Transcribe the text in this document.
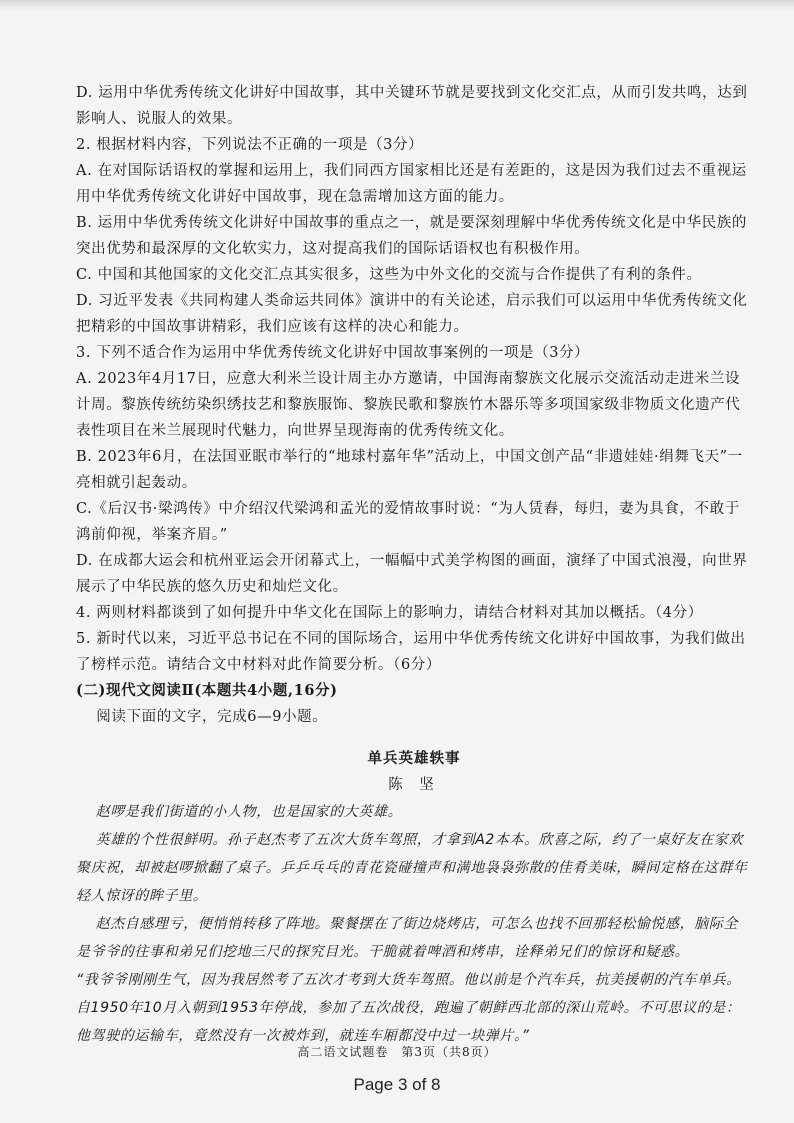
D. 运用中华优秀传统文化讲好中国故事，其中关键环节就是要找到文化交汇点，从而引发共鸣，达到影响人、说服人的效果。

2. 根据材料内容，下列说法不正确的一项是（3分）

A. 在对国际话语权的掌握和运用上，我们同西方国家相比还是有差距的，这是因为我们过去不重视运用中华优秀传统文化讲好中国故事，现在急需增加这方面的能力。

B. 运用中华优秀传统文化讲好中国故事的重点之一，就是要深刻理解中华优秀传统文化是中华民族的突出优势和最深厚的文化软实力，这对提高我们的国际话语权也有积极作用。

C. 中国和其他国家的文化交汇点其实很多，这些为中外文化的交流与合作提供了有利的条件。

D. 习近平发表《共同构建人类命运共同体》演讲中的有关论述，启示我们可以运用中华优秀传统文化把精彩的中国故事讲精彩，我们应该有这样的决心和能力。

3. 下列不适合作为运用中华优秀传统文化讲好中国故事案例的一项是（3分）

A. 2023年4月17日，应意大利米兰设计周主办方邀请，中国海南黎族文化展示交流活动走进米兰设计周。黎族传统纺染织绣技艺和黎族服饰、黎族民歌和黎族竹木器乐等多项国家级非物质文化遗产代表性项目在米兰展现时代魅力，向世界呈现海南的优秀传统文化。

B. 2023年6月，在法国亚眠市举行的“地球村嘉年华”活动上，中国文创产品“非遗娃娃·绢舞飞天”一亮相就引起轰动。

C.《后汉书·梁鸿传》中介绍汉代梁鸿和孟光的爱情故事时说：“为人赁舂，每归，妻为具食，不敢于鸿前仰视，举案齐眉。”

D. 在成都大运会和杭州亚运会开闭幕式上，一幅幅中式美学构图的画面，演绎了中国式浪漫，向世界展示了中华民族的悠久历史和灿烂文化。

4. 两则材料都谈到了如何提升中华文化在国际上的影响力，请结合材料对其加以概括。（4分）

5. 新时代以来，习近平总书记在不同的国际场合，运用中华优秀传统文化讲好中国故事，为我们做出了榜样示范。请结合文中材料对此作简要分析。（6分）

(二)现代文阅读Ⅱ(本题共4小题,16分)

阅读下面的文字，完成6—9小题。

单兵英雄轶事

陈 坚

赵啰是我们街道的小人物，也是国家的大英雄。

英雄的个性很鲜明。孙子赵杰考了五次大货车驾照，才拿到A2本本。欣喜之际，约了一桌好友在家欢聚庆祝，却被赵啰掀翻了桌子。乒乒乓乓的青花瓷碰撞声和满地袅袅弥散的佳肴美味，瞬间定格在这群年轻人惊讶的眸子里。

赵杰自感理亏，便悄悄转移了阵地。聚餐摆在了街边烧烤店，可怎么也找不回那轻松愉悦感，脑际全是爷爷的往事和弟兄们挖地三尺的探究目光。干脆就着啤酒和烤串，诠释弟兄们的惊讶和疑惑。

“我爷爷刚刚生气，因为我居然考了五次才考到大货车驾照。他以前是个汽车兵，抗美援朝的汽车单兵。自1950年10月入朝到1953年停战，参加了五次战役，跑遍了朝鲜西北部的深山荒岭。不可思议的是：他驾驶的运输车，竟然没有一次被炸到，就连车厢都没中过一块弹片。”

高二语文试题卷　第3页（共8页）
Page 3 of 8
